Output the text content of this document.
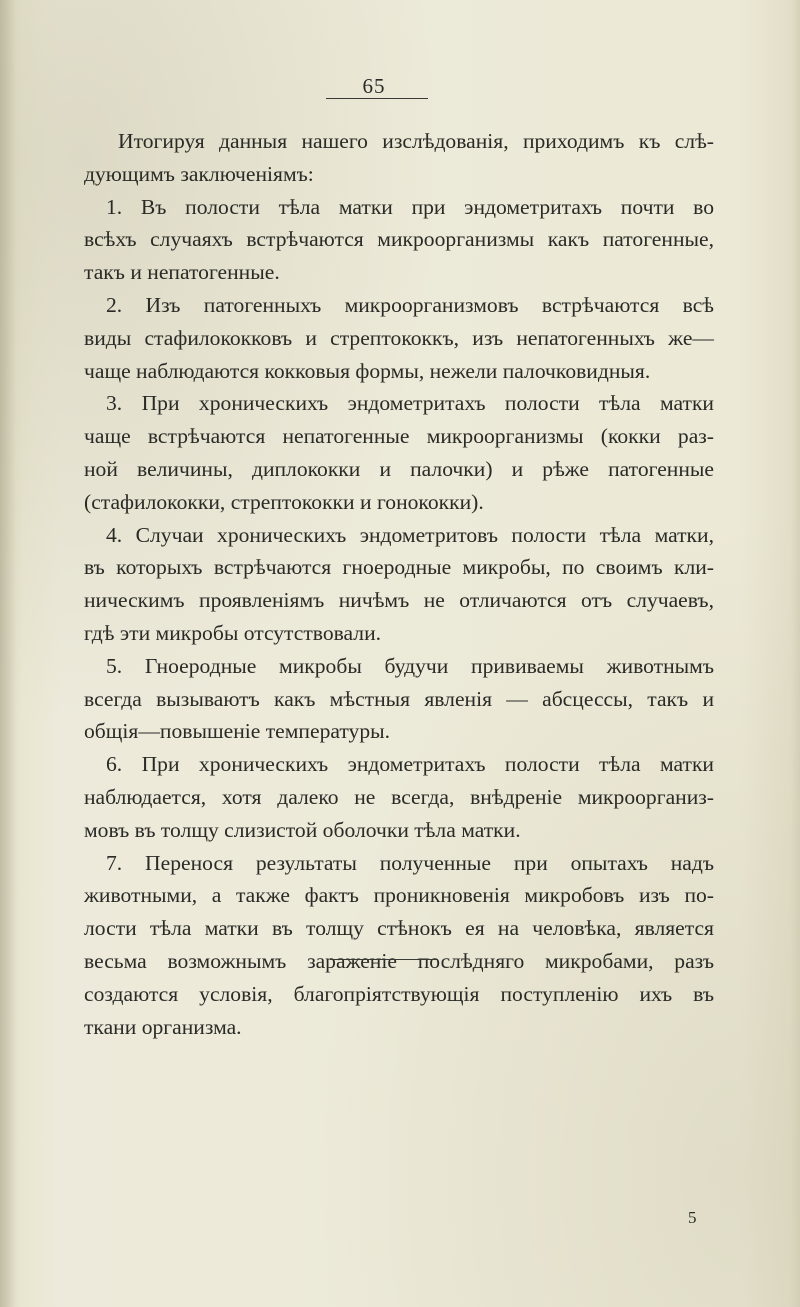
65
Итогируя данныя нашего изслѣдованія, приходимъ къ слѣ-
дующимъ заключеніямъ:
1. Въ полости тѣла матки при эндометритахъ почти во
всѣхъ случаяхъ встрѣчаются микроорганизмы какъ патогенные,
такъ и непатогенные.
2. Изъ патогенныхъ микроорганизмовъ встрѣчаются всѣ
виды стафилококковъ и стрептококкъ, изъ непатогенныхъ же—
чаще наблюдаются кокковыя формы, нежели палочковидныя.
3. При хроническихъ эндометритахъ полости тѣла матки
чаще встрѣчаются непатогенные микроорганизмы (кокки раз-
ной величины, диплококки и палочки) и рѣже патогенные
(стафилококки, стрептококки и гонококки).
4. Случаи хроническихъ эндометритовъ полости тѣла матки,
въ которыхъ встрѣчаются гноеродные микробы, по своимъ кли-
ническимъ проявленіямъ ничѣмъ не отличаются отъ случаевъ,
гдѣ эти микробы отсутствовали.
5. Гноеродные микробы будучи прививаемы животнымъ
всегда вызываютъ какъ мѣстныя явленія — абсцессы, такъ и
общія—повышеніе температуры.
6. При хроническихъ эндометритахъ полости тѣла матки
наблюдается, хотя далеко не всегда, внѣдреніе микроорганиз-
мовъ въ толщу слизистой оболочки тѣла матки.
7. Перенося результаты полученные при опытахъ надъ
животными, а также фактъ проникновенія микробовъ изъ по-
лости тѣла матки въ толщу стѣнокъ ея на человѣка, является
весьма возможнымъ зараженіе послѣдняго микробами, разъ
создаются условія, благопріятствующія поступленію ихъ въ
ткани организма.
5
